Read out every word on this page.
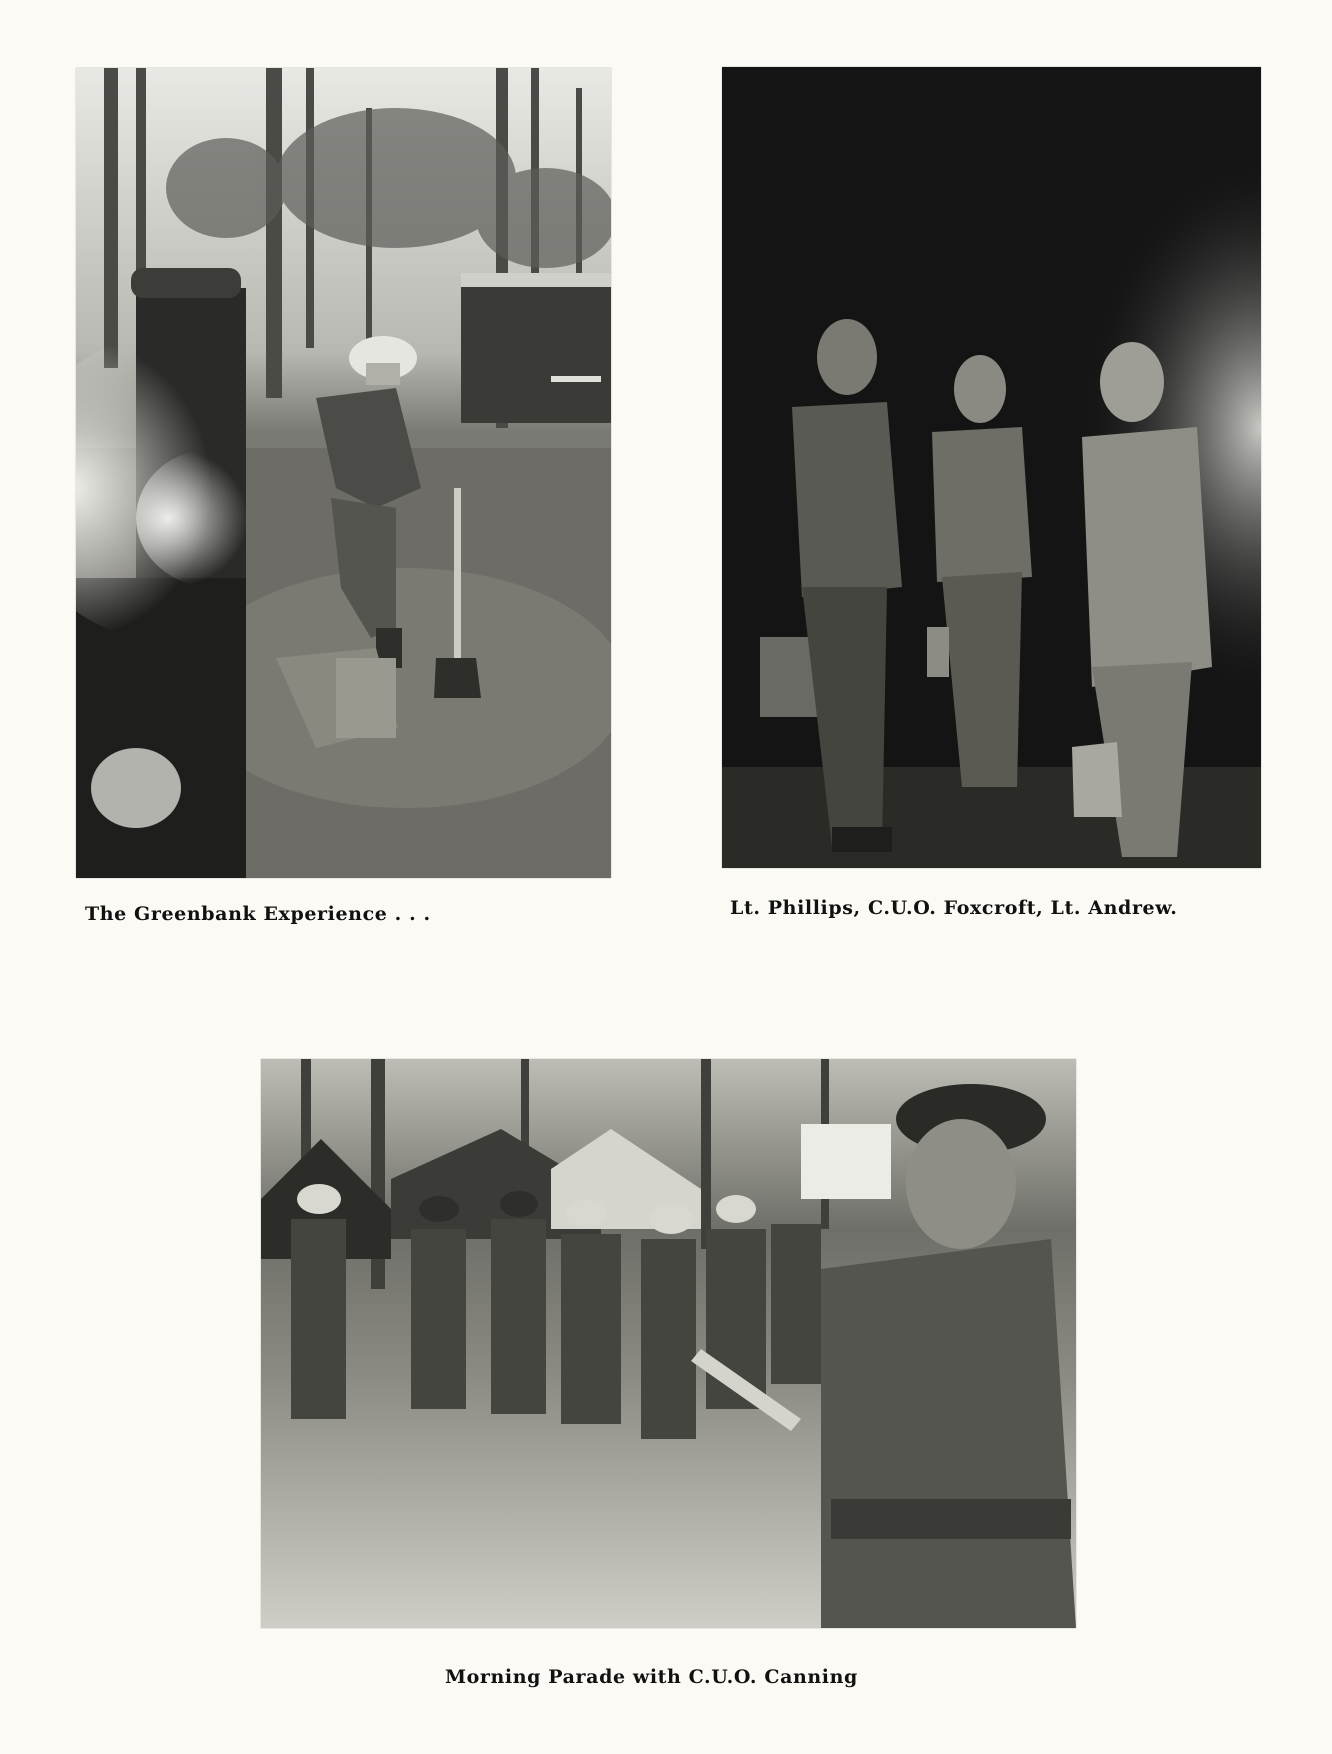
The Greenbank Experience . . .	Lt. Phillips, C.U.O. Foxcroft, Lt. Andrew.
Morning Parade with C.U.O. Canning
